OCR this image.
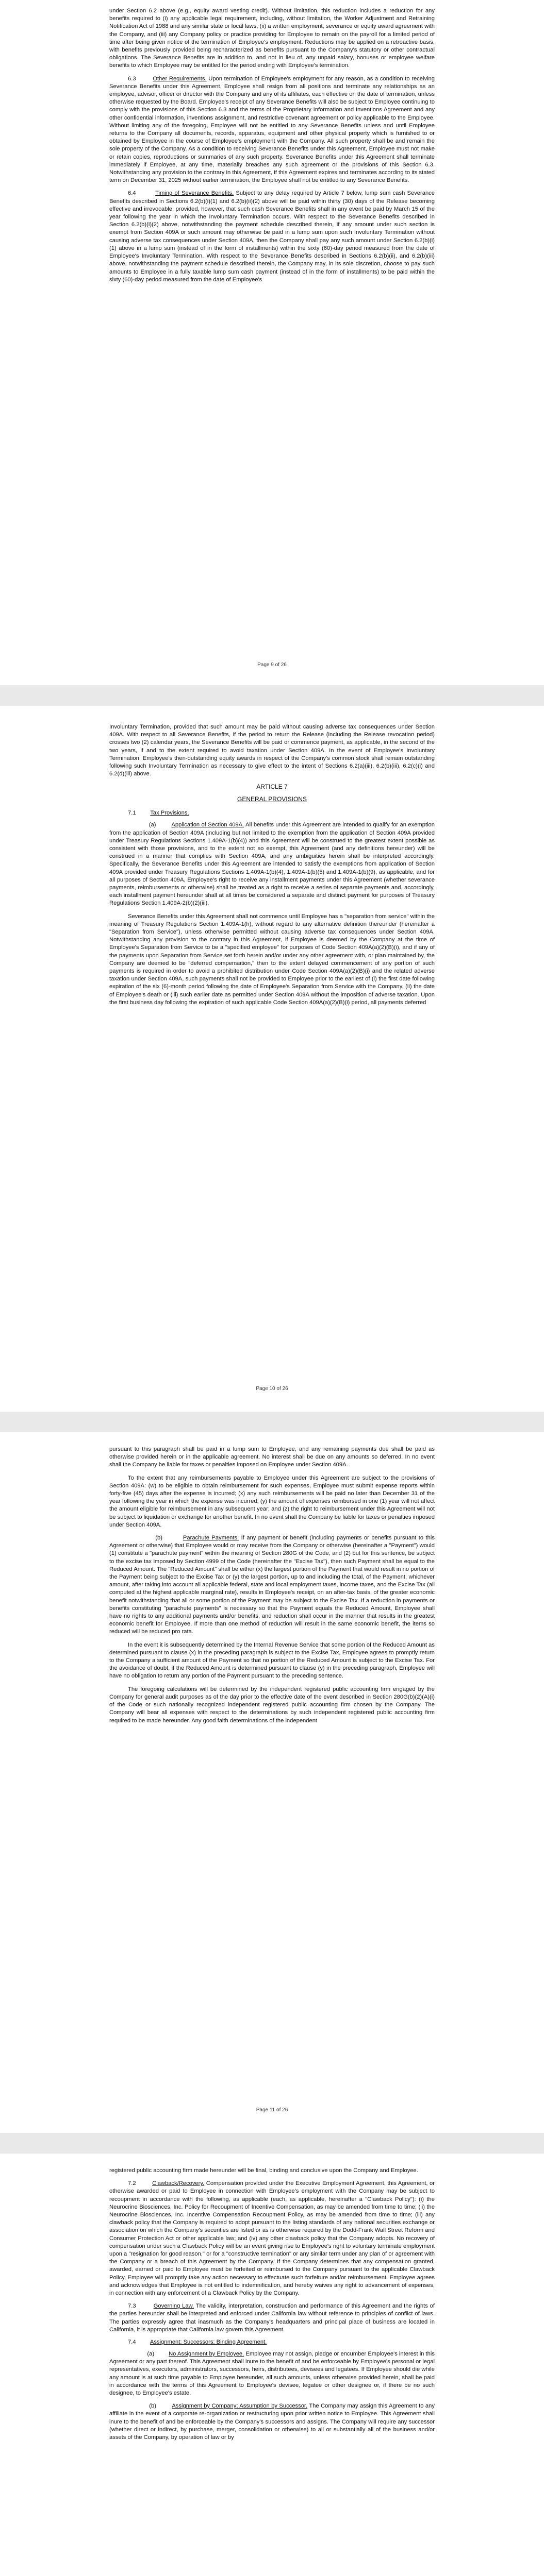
under Section 6.2 above (e.g., equity award vesting credit). Without limitation, this reduction includes a reduction for any benefits required to (i) any applicable legal requirement, including, without limitation, the Worker Adjustment and Retraining Notification Act of 1988 and any similar state or local laws, (ii) a written employment, severance or equity award agreement with the Company, and (iii) any Company policy or practice providing for Employee to remain on the payroll for a limited period of time after being given notice of the termination of Employee's employment. Reductions may be applied on a retroactive basis, with benefits previously provided being recharacterized as benefits pursuant to the Company's statutory or other contractual obligations. The Severance Benefits are in addition to, and not in lieu of, any unpaid salary, bonuses or employee welfare benefits to which Employee may be entitled for the period ending with Employee's termination.

6.3	Other Requirements. Upon termination of Employee's employment for any reason, as a condition to receiving Severance Benefits under this Agreement, Employee shall resign from all positions and terminate any relationships as an employee, advisor, officer or director with the Company and any of its affiliates, each effective on the date of termination, unless otherwise requested by the Board. Employee's receipt of any Severance Benefits will also be subject to Employee continuing to comply with the provisions of this Section 6.3 and the terms of the Proprietary Information and Inventions Agreement and any other confidential information, inventions assignment, and restrictive covenant agreement or policy applicable to the Employee. Without limiting any of the foregoing, Employee will not be entitled to any Severance Benefits unless and until Employee returns to the Company all documents, records, apparatus, equipment and other physical property which is furnished to or obtained by Employee in the course of Employee's employment with the Company. All such property shall be and remain the sole property of the Company. As a condition to receiving Severance Benefits under this Agreement, Employee must not make or retain copies, reproductions or summaries of any such property. Severance Benefits under this Agreement shall terminate immediately if Employee, at any time, materially breaches any such agreement or the provisions of this Section 6.3. Notwithstanding any provision to the contrary in this Agreement, if this Agreement expires and terminates according to its stated term on December 31, 2025 without earlier termination, the Employee shall not be entitled to any Severance Benefits.

6.4	Timing of Severance Benefits. Subject to any delay required by Article 7 below, lump sum cash Severance Benefits described in Sections 6.2(b)(i)(1) and 6.2(b)(ii)(2) above will be paid within thirty (30) days of the Release becoming effective and irrevocable; provided, however, that such cash Severance Benefits shall in any event be paid by March 15 of the year following the year in which the Involuntary Termination occurs. With respect to the Severance Benefits described in Section 6.2(b)(i)(2) above, notwithstanding the payment schedule described therein, if any amount under such section is exempt from Section 409A or such amount may otherwise be paid in a lump sum upon such Involuntary Termination without causing adverse tax consequences under Section 409A, then the Company shall pay any such amount under Section 6.2(b)(i)(1) above in a lump sum (instead of in the form of installments) within the sixty (60)-day period measured from the date of Employee's Involuntary Termination. With respect to the Severance Benefits described in Sections 6.2(b)(ii), and 6.2(b)(iii) above, notwithstanding the payment schedule described therein, the Company may, in its sole discretion, choose to pay such amounts to Employee in a fully taxable lump sum cash payment (instead of in the form of installments) to be paid within the sixty (60)-day period measured from the date of Employee's

Page 9 of 26

Involuntary Termination, provided that such amount may be paid without causing adverse tax consequences under Section 409A. With respect to all Severance Benefits, if the period to return the Release (including the Release revocation period) crosses two (2) calendar years, the Severance Benefits will be paid or commence payment, as applicable, in the second of the two years, if and to the extent required to avoid taxation under Section 409A. In the event of Employee's Involuntary Termination, Employee's then-outstanding equity awards in respect of the Company's common stock shall remain outstanding following such Involuntary Termination as necessary to give effect to the intent of Sections 6.2(a)(iii), 6.2(b)(iii), 6.2(c)(i) and 6.2(d)(iii) above.

ARTICLE 7
GENERAL PROVISIONS
7.1 Tax Provisions.

(a)	Application of Section 409A. All benefits under this Agreement are intended to qualify for an exemption from the application of Section 409A (including but not limited to the exemption from the application of Section 409A provided under Treasury Regulations Sections 1.409A-1(b)(4)) and this Agreement will be construed to the greatest extent possible as consistent with those provisions, and to the extent not so exempt, this Agreement (and any definitions hereunder) will be construed in a manner that complies with Section 409A, and any ambiguities herein shall be interpreted accordingly. Specifically, the Severance Benefits under this Agreement are intended to satisfy the exemptions from application of Section 409A provided under Treasury Regulations Sections 1.409A-1(b)(4), 1.409A-1(b)(5) and 1.409A-1(b)(9), as applicable, and for all purposes of Section 409A, Employee's right to receive any installment payments under this Agreement (whether severance payments, reimbursements or otherwise) shall be treated as a right to receive a series of separate payments and, accordingly, each installment payment hereunder shall at all times be considered a separate and distinct payment for purposes of Treasury Regulations Section 1.409A-2(b)(2)(iii).

Severance Benefits under this Agreement shall not commence until Employee has a "separation from service" within the meaning of Treasury Regulations Section 1.409A-1(h), without regard to any alternative definition thereunder (hereinafter a "Separation from Service"), unless otherwise permitted without causing adverse tax consequences under Section 409A. Notwithstanding any provision to the contrary in this Agreement, if Employee is deemed by the Company at the time of Employee's Separation from Service to be a "specified employee" for purposes of Code Section 409A(a)(2)(B)(i), and if any of the payments upon Separation from Service set forth herein and/or under any other agreement with, or plan maintained by, the Company are deemed to be "deferred compensation," then to the extent delayed commencement of any portion of such payments is required in order to avoid a prohibited distribution under Code Section 409A(a)(2)(B)(i) and the related adverse taxation under Section 409A, such payments shall not be provided to Employee prior to the earliest of (i) the first date following expiration of the six (6)-month period following the date of Employee's Separation from Service with the Company, (ii) the date of Employee's death or (iii) such earlier date as permitted under Section 409A without the imposition of adverse taxation. Upon the first business day following the expiration of such applicable Code Section 409A(a)(2)(B)(i) period, all payments deferred

Page 10 of 26

pursuant to this paragraph shall be paid in a lump sum to Employee, and any remaining payments due shall be paid as otherwise provided herein or in the applicable agreement. No interest shall be due on any amounts so deferred. In no event shall the Company be liable for taxes or penalties imposed on Employee under Section 409A.

To the extent that any reimbursements payable to Employee under this Agreement are subject to the provisions of Section 409A: (w) to be eligible to obtain reimbursement for such expenses, Employee must submit expense reports within forty-five (45) days after the expense is incurred; (x) any such reimbursements will be paid no later than December 31 of the year following the year in which the expense was incurred; (y) the amount of expenses reimbursed in one (1) year will not affect the amount eligible for reimbursement in any subsequent year; and (z) the right to reimbursement under this Agreement will not be subject to liquidation or exchange for another benefit. In no event shall the Company be liable for taxes or penalties imposed under Section 409A.

(b)	Parachute Payments. If any payment or benefit (including payments or benefits pursuant to this Agreement or otherwise) that Employee would or may receive from the Company or otherwise (hereinafter a "Payment") would (1) constitute a "parachute payment" within the meaning of Section 280G of the Code, and (2) but for this sentence, be subject to the excise tax imposed by Section 4999 of the Code (hereinafter the "Excise Tax"), then such Payment shall be equal to the Reduced Amount. The "Reduced Amount" shall be either (x) the largest portion of the Payment that would result in no portion of the Payment being subject to the Excise Tax or (y) the largest portion, up to and including the total, of the Payment, whichever amount, after taking into account all applicable federal, state and local employment taxes, income taxes, and the Excise Tax (all computed at the highest applicable marginal rate), results in Employee's receipt, on an after-tax basis, of the greater economic benefit notwithstanding that all or some portion of the Payment may be subject to the Excise Tax. If a reduction in payments or benefits constituting "parachute payments" is necessary so that the Payment equals the Reduced Amount, Employee shall have no rights to any additional payments and/or benefits, and reduction shall occur in the manner that results in the greatest economic benefit for Employee. If more than one method of reduction will result in the same economic benefit, the items so reduced will be reduced pro rata.

In the event it is subsequently determined by the Internal Revenue Service that some portion of the Reduced Amount as determined pursuant to clause (x) in the preceding paragraph is subject to the Excise Tax, Employee agrees to promptly return to the Company a sufficient amount of the Payment so that no portion of the Reduced Amount is subject to the Excise Tax. For the avoidance of doubt, if the Reduced Amount is determined pursuant to clause (y) in the preceding paragraph, Employee will have no obligation to return any portion of the Payment pursuant to the preceding sentence.

The foregoing calculations will be determined by the independent registered public accounting firm engaged by the Company for general audit purposes as of the day prior to the effective date of the event described in Section 280G(b)(2)(A)(i) of the Code or such nationally recognized independent registered public accounting firm chosen by the Company. The Company will bear all expenses with respect to the determinations by such independent registered public accounting firm required to be made hereunder. Any good faith determinations of the independent

Page 11 of 26

registered public accounting firm made hereunder will be final, binding and conclusive upon the Company and Employee.

7.2	Clawback/Recovery. Compensation provided under the Executive Employment Agreement, this Agreement, or otherwise awarded or paid to Employee in connection with Employee's employment with the Company may be subject to recoupment in accordance with the following, as applicable (each, as applicable, hereinafter a "Clawback Policy"): (i) the Neurocrine Biosciences, Inc. Policy for Recoupment of Incentive Compensation, as may be amended from time to time; (ii) the Neurocrine Biosciences, Inc. Incentive Compensation Recoupment Policy, as may be amended from time to time; (iii) any clawback policy that the Company is required to adopt pursuant to the listing standards of any national securities exchange or association on which the Company's securities are listed or as is otherwise required by the Dodd-Frank Wall Street Reform and Consumer Protection Act or other applicable law; and (iv) any other clawback policy that the Company adopts. No recovery of compensation under such a Clawback Policy will be an event giving rise to Employee's right to voluntary terminate employment upon a "resignation for good reason," or for a "constructive termination" or any similar term under any plan of or agreement with the Company or a breach of this Agreement by the Company. If the Company determines that any compensation granted, awarded, earned or paid to Employee must be forfeited or reimbursed to the Company pursuant to the applicable Clawback Policy, Employee will promptly take any action necessary to effectuate such forfeiture and/or reimbursement. Employee agrees and acknowledges that Employee is not entitled to indemnification, and hereby waives any right to advancement of expenses, in connection with any enforcement of a Clawback Policy by the Company.

7.3	Governing Law. The validity, interpretation, construction and performance of this Agreement and the rights of the parties hereunder shall be interpreted and enforced under California law without reference to principles of conflict of laws. The parties expressly agree that inasmuch as the Company's headquarters and principal place of business are located in California, it is appropriate that California law govern this Agreement.

7.4 Assignment; Successors; Binding Agreement.

(a)	No Assignment by Employee. Employee may not assign, pledge or encumber Employee's interest in this Agreement or any part thereof. This Agreement shall inure to the benefit of and be enforceable by Employee's personal or legal representatives, executors, administrators, successors, heirs, distributees, devisees and legatees. If Employee should die while any amount is at such time payable to Employee hereunder, all such amounts, unless otherwise provided herein, shall be paid in accordance with the terms of this Agreement to Employee's devisee, legatee or other designee or, if there be no such designee, to Employee's estate.

(b)	Assignment by Company; Assumption by Successor. The Company may assign this Agreement to any affiliate in the event of a corporate re-organization or restructuring upon prior written notice to Employee. This Agreement shall inure to the benefit of and be enforceable by the Company's successors and assigns. The Company will require any successor (whether direct or indirect, by purchase, merger, consolidation or otherwise) to all or substantially all of the business and/or assets of the Company, by operation of law or by
